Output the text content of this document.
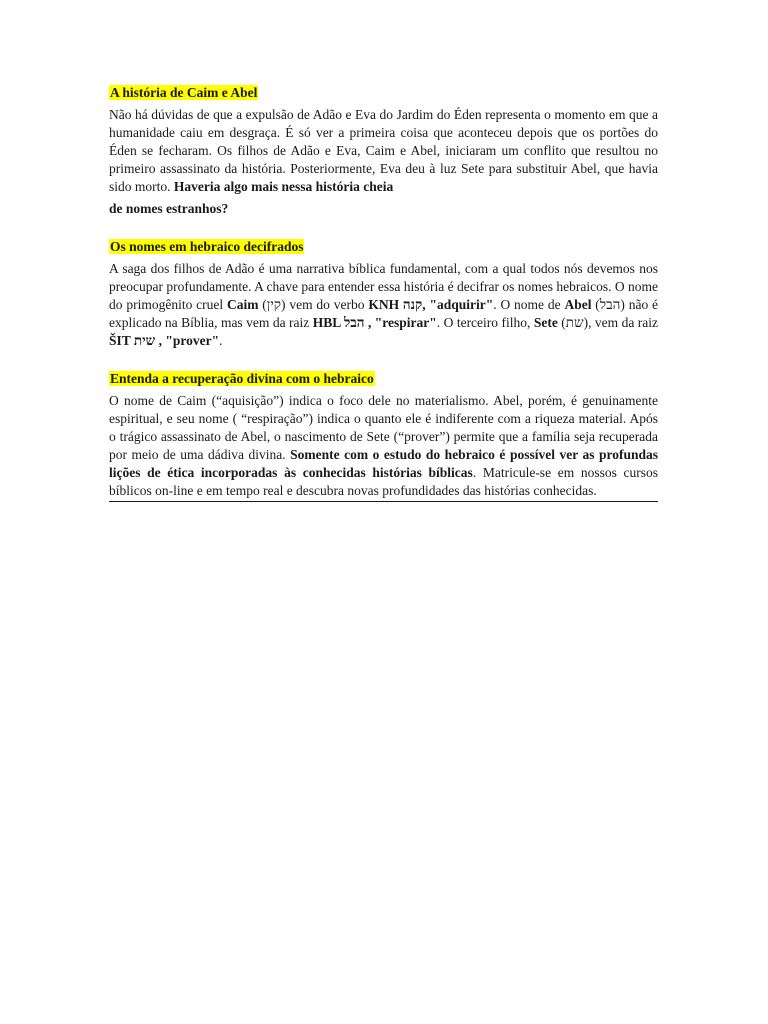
A história de Caim e Abel

Não há dúvidas de que a expulsão de Adão e Eva do Jardim do Éden representa o momento em que a humanidade caiu em desgraça. É só ver a primeira coisa que aconteceu depois que os portões do Éden se fecharam. Os filhos de Adão e Eva, Caim e Abel, iniciaram um conflito que resultou no primeiro assassinato da história. Posteriormente, Eva deu à luz Sete para substituir Abel, que havia sido morto. Haveria algo mais nessa história cheia

de nomes estranhos?

Os nomes em hebraico decifrados

A saga dos filhos de Adão é uma narrativa bíblica fundamental, com a qual todos nós devemos nos preocupar profundamente. A chave para entender essa história é decifrar os nomes hebraicos. O nome do primogênito cruel Caim (קין) vem do verbo KNH קנה, "adquirir". O nome de Abel (הבל) não é explicado na Bíblia, mas vem da raiz HBL הבל , "respirar". O terceiro filho, Sete (שת), vem da raiz ŠIT שית , "prover".

Entenda a recuperação divina com o hebraico

O nome de Caim (“aquisição”) indica o foco dele no materialismo. Abel, porém, é genuinamente espiritual, e seu nome ( “respiração”) indica o quanto ele é indiferente com a riqueza material. Após o trágico assassinato de Abel, o nascimento de Sete (“prover”) permite que a família seja recuperada por meio de uma dádiva divina. Somente com o estudo do hebraico é possível ver as profundas lições de ética incorporadas às conhecidas histórias bíblicas. Matricule-se em nossos cursos bíblicos on-line e em tempo real e descubra novas profundidades das histórias conhecidas.
